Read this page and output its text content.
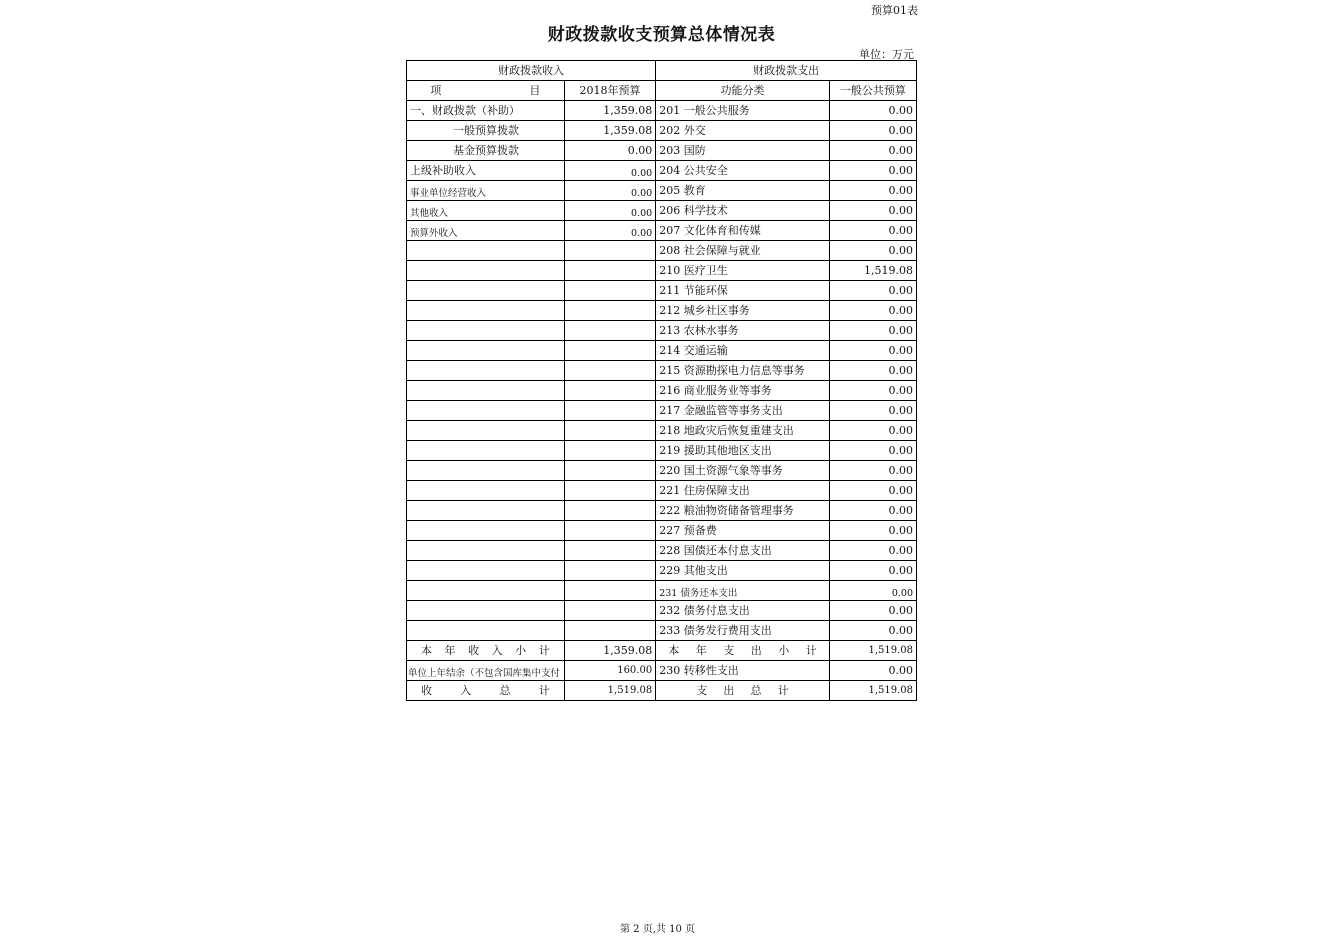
预算01表
财政拨款收支预算总体情况表
单位：万元
财政拨款收入		财政拨款支出	
项　　　　　　　　目	2018年预算	功能分类	一般公共预算
一、财政拨款（补助）	1,359.08	201 一般公共服务	0.00
一般预算拨款	1,359.08	202 外交	0.00
基金预算拨款	0.00	203 国防	0.00
上级补助收入	0.00	204 公共安全	0.00
事业单位经营收入	0.00	205 教育	0.00
其他收入	0.00	206 科学技术	0.00
预算外收入	0.00	207 文化体育和传媒	0.00
		208 社会保障与就业	0.00
		210 医疗卫生	1,519.08
		211 节能环保	0.00
		212 城乡社区事务	0.00
		213 农林水事务	0.00
		214 交通运输	0.00
		215 资源勘探电力信息等事务	0.00
		216 商业服务业等事务	0.00
		217 金融监管等事务支出	0.00
		218 地政灾后恢复重建支出	0.00
		219 援助其他地区支出	0.00
		220 国土资源气象等事务	0.00
		221 住房保障支出	0.00
		222 粮油物资储备管理事务	0.00
		227 预备费	0.00
		228 国债还本付息支出	0.00
		229 其他支出	0.00
		231 债务还本支出	0.00
		232 债务付息支出	0.00
		233 债务发行费用支出	0.00
本年收入小计	1,359.08	本年支出小计	1,519.08
单位上年结余（不包含国库集中支付	160.00	230 转移性支出	0.00
收入总计	1,519.08	支出总计	1,519.08
第 2 页,共 10 页
